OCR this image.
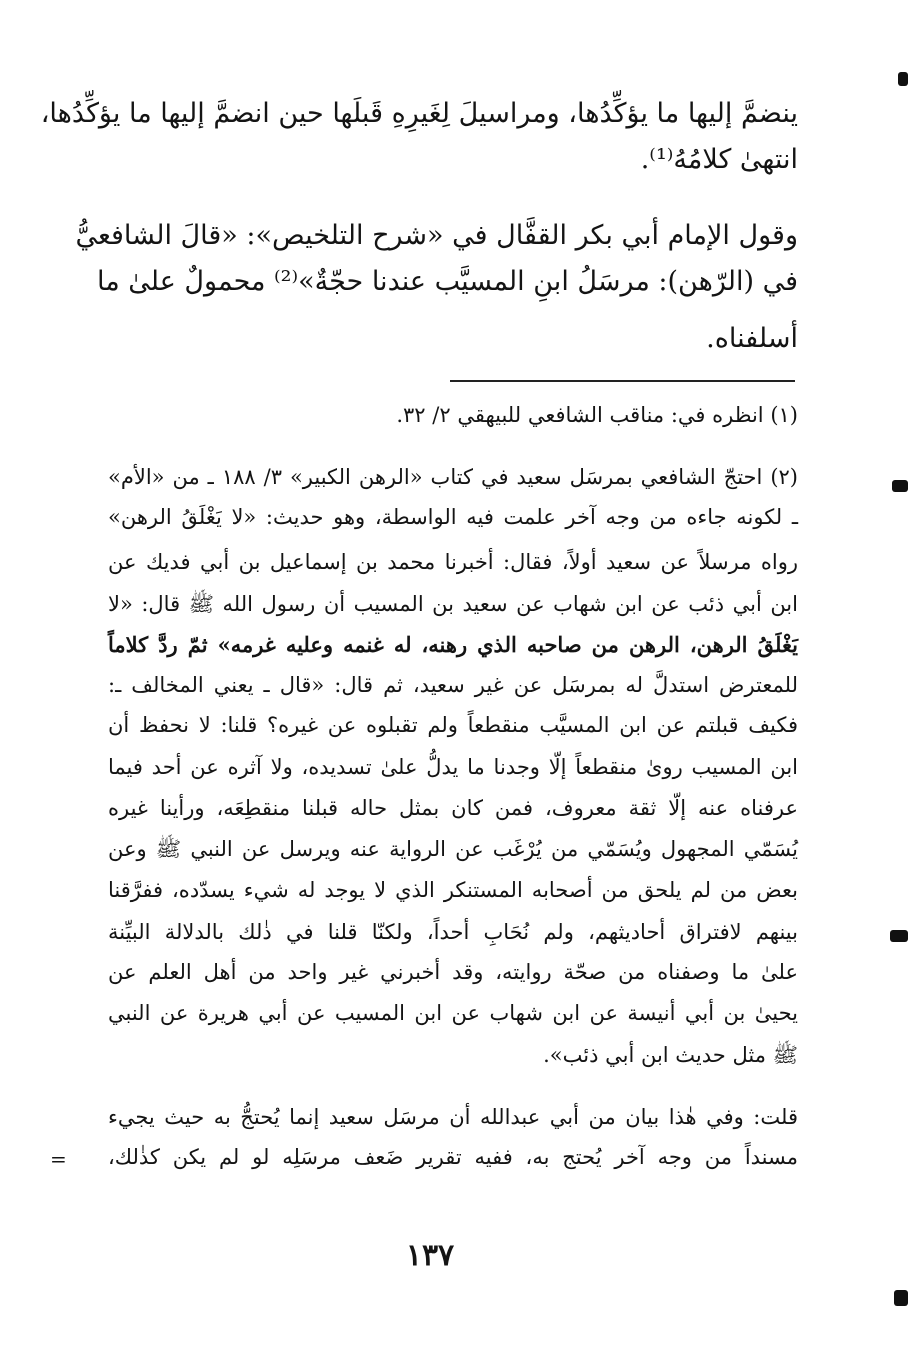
ينضمَّ إليها ما يؤكِّدُها، ومراسيلَ لِغَيرِهِ قَبلَها حين انضمَّ إليها ما يؤكِّدُها،

انتهىٰ كلامُهُ⁽¹⁾.

وقول الإمام أبي بكر القفَّال في «شرح التلخيص»: «قالَ الشافعيُّ

في (الرّهن): مرسَلُ ابنِ المسيَّب عندنا حجّةٌ»⁽²⁾ محمولٌ علىٰ ما

أسلفناه.

(١) انظره في: مناقب الشافعي للبيهقي ٢/ ٣٢.

(٢) احتجّ الشافعي بمرسَل سعيد في كتاب «الرهن الكبير» ٣/ ١٨٨ ـ من «الأم»

ـ لكونه جاءه من وجه آخر علمت فيه الواسطة، وهو حديث: «لا يَغْلَقُ الرهن»

رواه مرسلاً عن سعيد أولاً، فقال: أخبرنا محمد بن إسماعيل بن أبي فديك عن

ابن أبي ذئب عن ابن شهاب عن سعيد بن المسيب أن رسول الله ﷺ قال: «لا

يَغْلَقُ الرهن، الرهن من صاحبه الذي رهنه، له غنمه وعليه غرمه» ثمّ ردَّ كلاماً

للمعترض استدلَّ له بمرسَل عن غير سعيد، ثم قال: «قال ـ يعني المخالف ـ:

فكيف قبلتم عن ابن المسيَّب منقطعاً ولم تقبلوه عن غيره؟ قلنا: لا نحفظ أن

ابن المسيب روىٰ منقطعاً إلّا وجدنا ما يدلُّ علىٰ تسديده، ولا آثره عن أحد فيما

عرفناه عنه إلّا ثقة معروف، فمن كان بمثل حاله قبلنا منقطِعَه، ورأينا غيره

يُسَمّي المجهول ويُسَمّي من يُرْغَب عن الرواية عنه ويرسل عن النبي ﷺ وعن

بعض من لم يلحق من أصحابه المستنكر الذي لا يوجد له شيء يسدّده، ففرَّقنا

بينهم لافتراق أحاديثهم، ولم نُحَابِ أحداً، ولكنّا قلنا في ذٰلك بالدلالة البيِّنة

علىٰ ما وصفناه من صحّة روايته، وقد أخبرني غير واحد من أهل العلم عن

يحيىٰ بن أبي أنيسة عن ابن شهاب عن ابن المسيب عن أبي هريرة عن النبي

ﷺ مثل حديث ابن أبي ذئب».

قلت: وفي هٰذا بيان من أبي عبدالله أن مرسَل سعيد إنما يُحتجُّ به حيث يجيء

مسنداً من وجه آخر يُحتج به، ففيه تقرير ضَعف مرسَلِه لو لم يكن كذٰلك،

=

١٣٧
